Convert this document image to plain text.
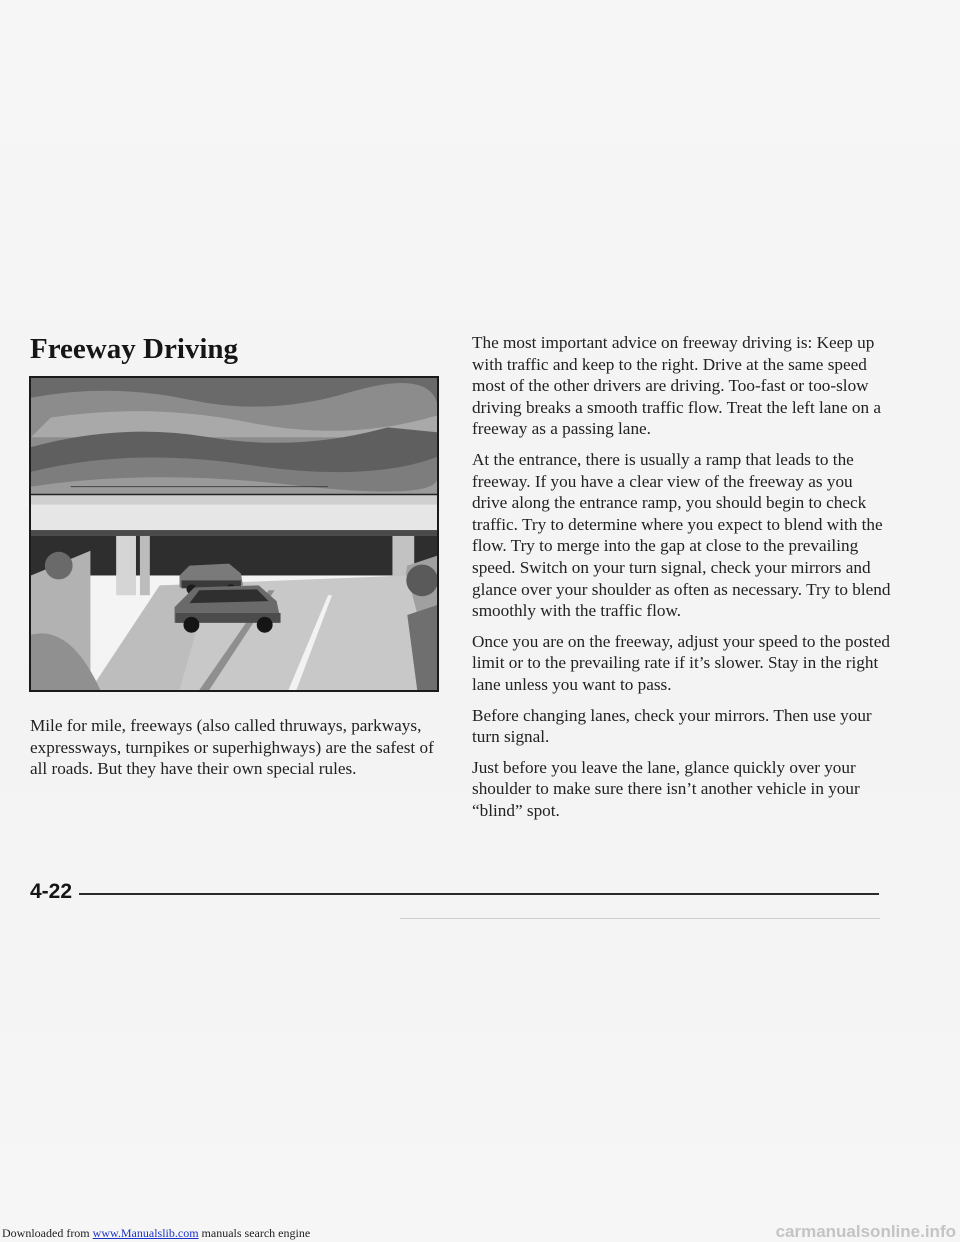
Freeway Driving

Mile for mile, freeways (also called thruways, parkways, expressways, turnpikes or superhighways) are the safest of all roads. But they have their own special rules.

The most important advice on freeway driving is: Keep up with traffic and keep to the right. Drive at the same speed most of the other drivers are driving. Too-fast or too-slow driving breaks a smooth traffic flow. Treat the left lane on a freeway as a passing lane.

At the entrance, there is usually a ramp that leads to the freeway. If you have a clear view of the freeway as you drive along the entrance ramp, you should begin to check traffic. Try to determine where you expect to blend with the flow. Try to merge into the gap at close to the prevailing speed. Switch on your turn signal, check your mirrors and glance over your shoulder as often as necessary. Try to blend smoothly with the traffic flow.

Once you are on the freeway, adjust your speed to the posted limit or to the prevailing rate if it’s slower. Stay in the right lane unless you want to pass.

Before changing lanes, check your mirrors. Then use your turn signal.

Just before you leave the lane, glance quickly over your shoulder to make sure there isn’t another vehicle in your “blind” spot.

4-22

Downloaded from www.Manualslib.com manuals search engine	carmanualsonline.info
